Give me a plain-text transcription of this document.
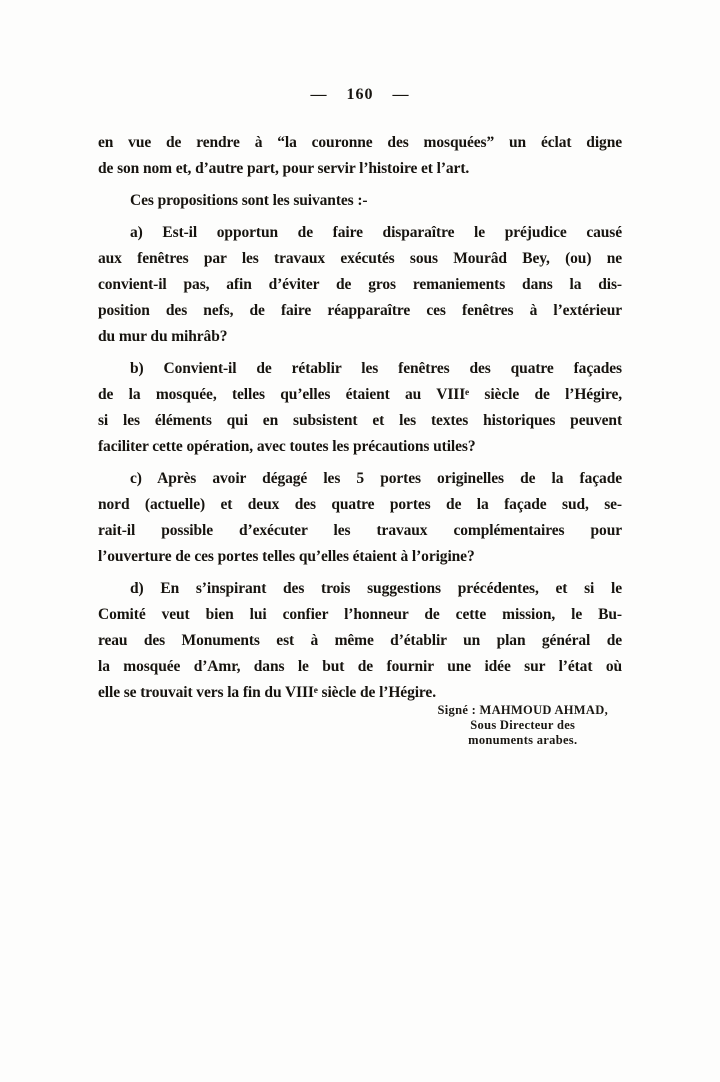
— 160 —
en vue de rendre à “la couronne des mosquées” un éclat digne
de son nom et, d’autre part, pour servir l’histoire et l’art.
Ces propositions sont les suivantes :-
a) Est-il opportun de faire disparaître le préjudice causé
aux fenêtres par les travaux exécutés sous Mourâd Bey, (ou) ne
convient-il pas, afin d’éviter de gros remaniements dans la dis-
position des nefs, de faire réapparaître ces fenêtres à l’extérieur
du mur du mihrâb?
b) Convient-il de rétablir les fenêtres des quatre façades
de la mosquée, telles qu’elles étaient au VIIIᵉ siècle de l’Hégire,
si les éléments qui en subsistent et les textes historiques peuvent
faciliter cette opération, avec toutes les précautions utiles?
c) Après avoir dégagé les 5 portes originelles de la façade
nord (actuelle) et deux des quatre portes de la façade sud, se-
rait-il possible d’exécuter les travaux complémentaires pour
l’ouverture de ces portes telles qu’elles étaient à l’origine?
d) En s’inspirant des trois suggestions précédentes, et si le
Comité veut bien lui confier l’honneur de cette mission, le Bu-
reau des Monuments est à même d’établir un plan général de
la mosquée d’Amr, dans le but de fournir une idée sur l’état où
elle se trouvait vers la fin du VIIIᵉ siècle de l’Hégire.
Signé : MAHMOUD AHMAD,
Sous Directeur des
monuments arabes.
